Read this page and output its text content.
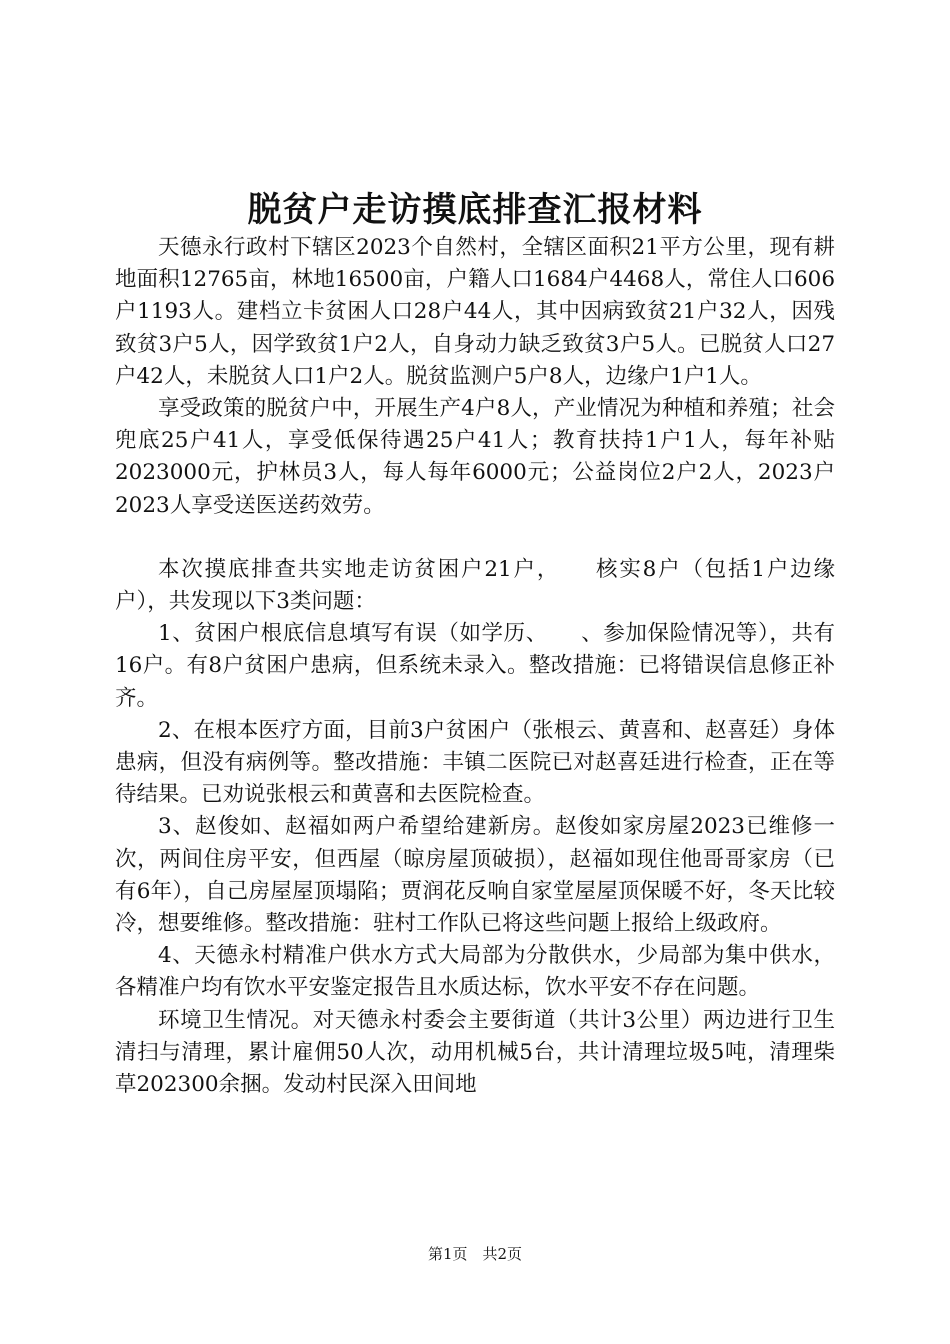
脱贫户走访摸底排查汇报材料

天德永行政村下辖区2023个自然村，全辖区面积21平方公里，现有耕地面积12765亩，林地16500亩，户籍人口1684户4468人，常住人口606户1193人。建档立卡贫困人口28户44人，其中因病致贫21户32人，因残致贫3户5人，因学致贫1户2人，自身动力缺乏致贫3户5人。已脱贫人口27户42人，未脱贫人口1户2人。脱贫监测户5户8人，边缘户1户1人。

享受政策的脱贫户中，开展生产4户8人，产业情况为种植和养殖；社会兜底25户41人，享受低保待遇25户41人；教育扶持1户1人，每年补贴2023000元，护林员3人，每人每年6000元；公益岗位2户2人，2023户2023人享受送医送药效劳。

本次摸底排查共实地走访贫困户21户，　　核实8户（包括1户边缘户），共发现以下3类问题：

1、贫困户根底信息填写有误（如学历、　　、参加保险情况等），共有16户。有8户贫困户患病，但系统未录入。整改措施：已将错误信息修正补齐。

2、在根本医疗方面，目前3户贫困户（张根云、黄喜和、赵喜廷）身体患病，但没有病例等。整改措施：丰镇二医院已对赵喜廷进行检查，正在等待结果。已劝说张根云和黄喜和去医院检查。

3、赵俊如、赵福如两户希望给建新房。赵俊如家房屋2023已维修一次，两间住房平安，但西屋（晾房屋顶破损），赵福如现住他哥哥家房（已有6年），自己房屋屋顶塌陷；贾润花反响自家堂屋屋顶保暖不好，冬天比较冷，想要维修。整改措施：驻村工作队已将这些问题上报给上级政府。

4、天德永村精准户供水方式大局部为分散供水，少局部为集中供水，各精准户均有饮水平安鉴定报告且水质达标，饮水平安不存在问题。

环境卫生情况。对天德永村委会主要街道（共计3公里）两边进行卫生清扫与清理，累计雇佣50人次，动用机械5台，共计清理垃圾5吨，清理柴草202300余捆。发动村民深入田间地

第1页　共2页
